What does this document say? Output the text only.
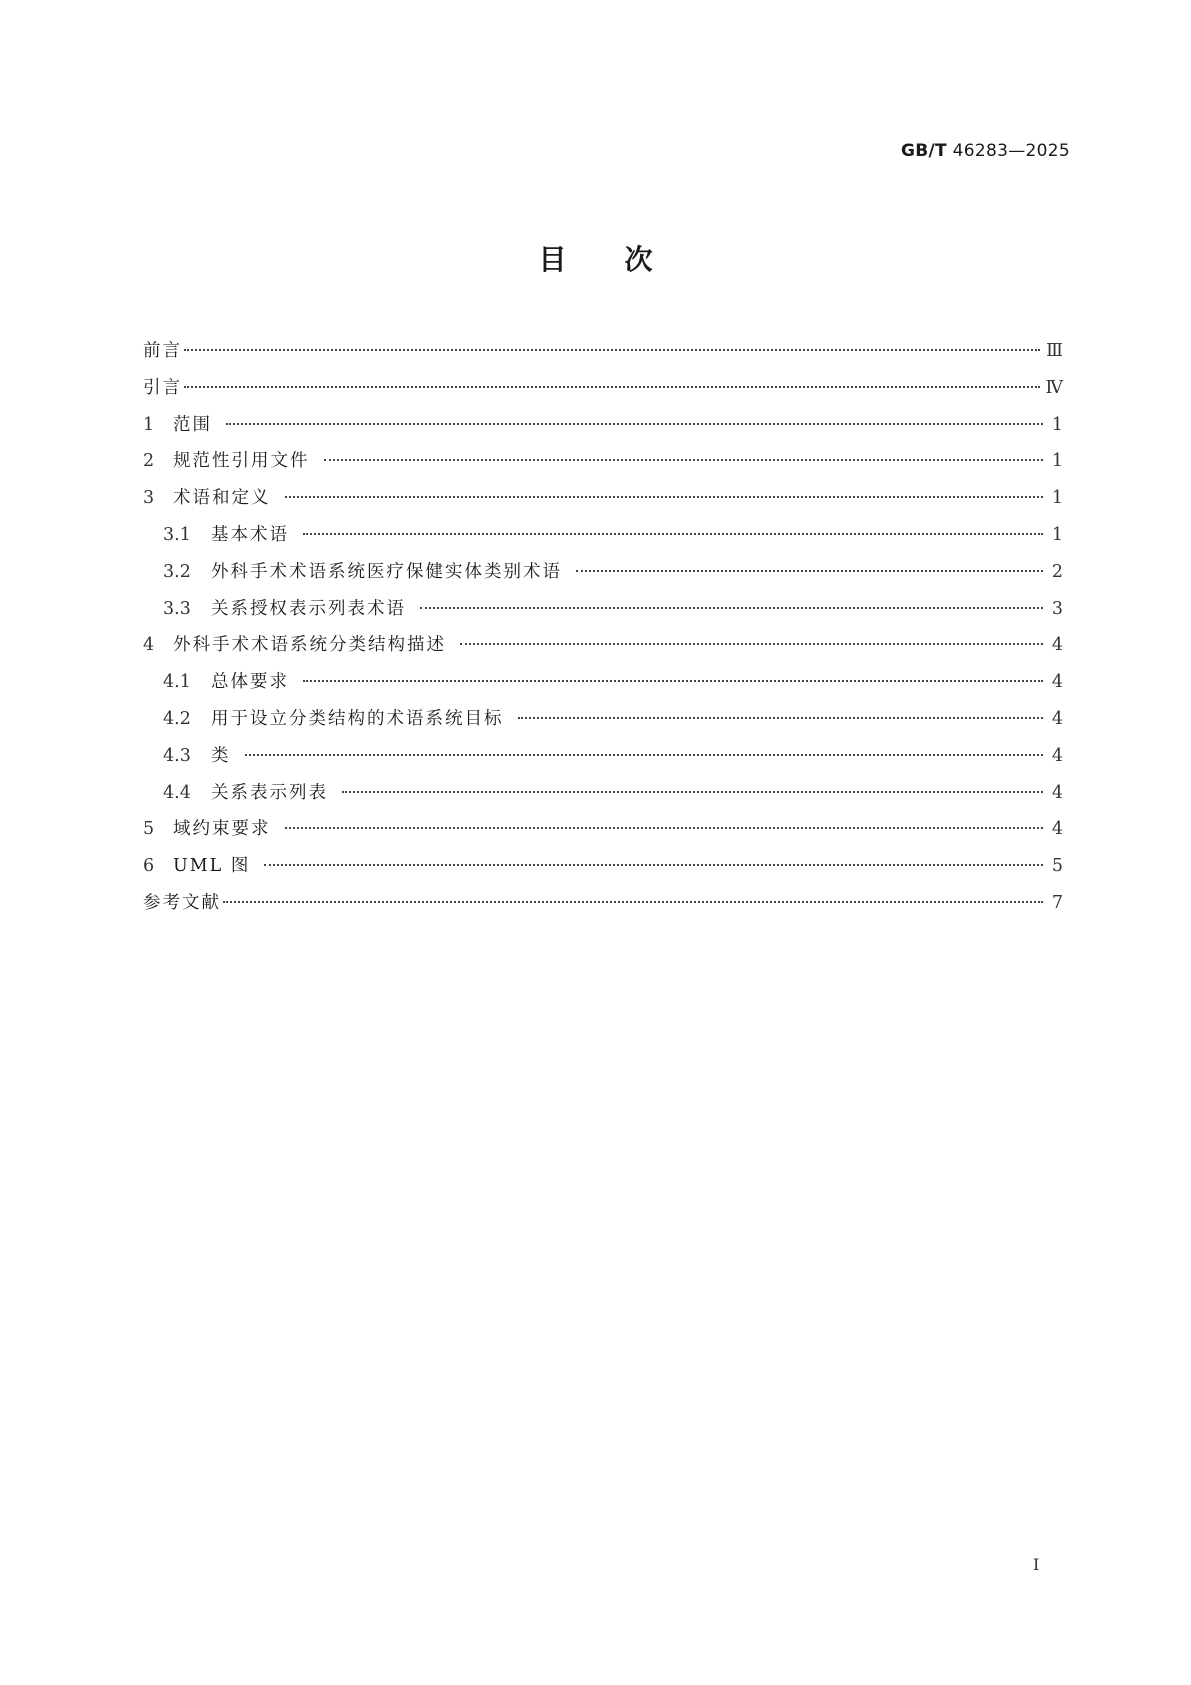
GB/T 46283—2025
目次
前言	Ⅲ
引言	Ⅳ
1	范围	1
2	规范性引用文件	1
3	术语和定义	1
3.1	基本术语	1
3.2	外科手术术语系统医疗保健实体类别术语	2
3.3	关系授权表示列表术语	3
4	外科手术术语系统分类结构描述	4
4.1	总体要求	4
4.2	用于设立分类结构的术语系统目标	4
4.3	类	4
4.4	关系表示列表	4
5	域约束要求	4
6	UML 图	5
参考文献	7
Ⅰ
